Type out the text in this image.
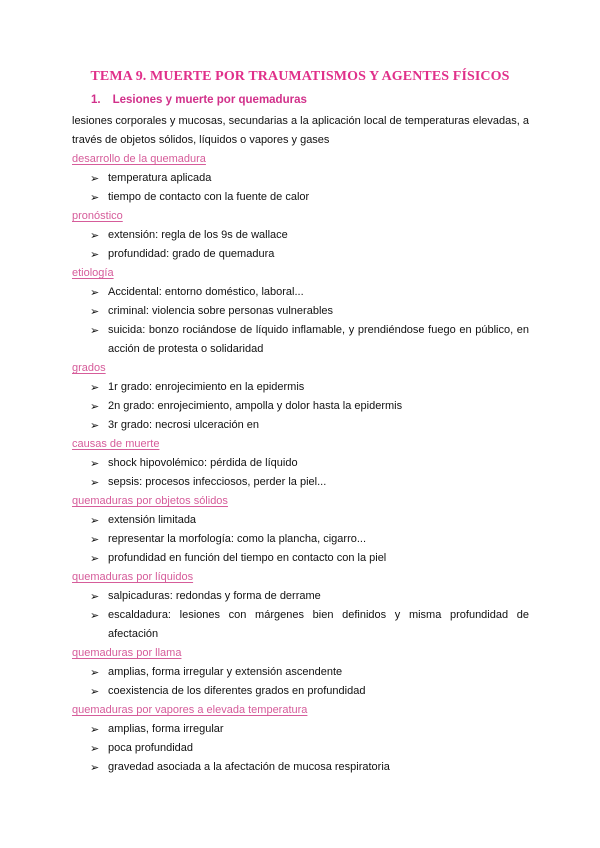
TEMA 9. MUERTE POR TRAUMATISMOS Y AGENTES FÍSICOS
1. Lesiones y muerte por quemaduras
lesiones corporales y mucosas, secundarias a la aplicación local de temperaturas elevadas, a través de objetos sólidos, líquidos o vapores y gases
desarrollo de la quemadura
➢ temperatura aplicada
➢ tiempo de contacto con la fuente de calor
pronóstico
➢ extensión: regla de los 9s de wallace
➢ profundidad: grado de quemadura
etiología
➢ Accidental: entorno doméstico, laboral...
➢ criminal: violencia sobre personas vulnerables
➢ suicida: bonzo rociándose de líquido inflamable, y prendiéndose fuego en público, en acción de protesta o solidaridad
grados
➢ 1r grado: enrojecimiento en la epidermis
➢ 2n grado: enrojecimiento, ampolla y dolor hasta la epidermis
➢ 3r grado: necrosi ulceración en
causas de muerte
➢ shock hipovolémico: pérdida de líquido
➢ sepsis: procesos infecciosos, perder la piel...
quemaduras por objetos sólidos
➢ extensión limitada
➢ representar la morfología: como la plancha, cigarro...
➢ profundidad en función del tiempo en contacto con la piel
quemaduras por líquidos
➢ salpicaduras: redondas y forma de derrame
➢ escaldadura: lesiones con márgenes bien definidos y misma profundidad de afectación
quemaduras por llama
➢ amplias, forma irregular y extensión ascendente
➢ coexistencia de los diferentes grados en profundidad
quemaduras por vapores a elevada temperatura
➢ amplias, forma irregular
➢ poca profundidad
➢ gravedad asociada a la afectación de mucosa respiratoria
